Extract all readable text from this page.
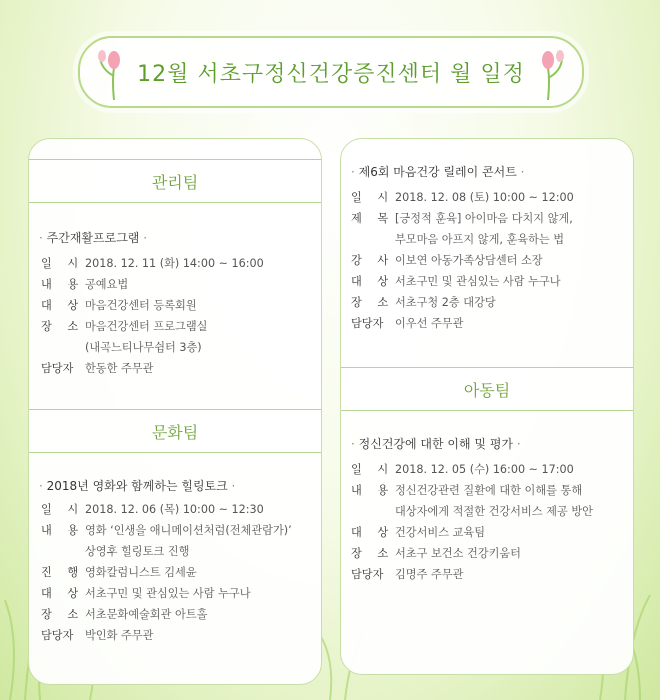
12월 서초구정신건강증진센터 월 일정
관리팀
· 주간재활프로그램 ·
일 시 2018. 12. 11 (화) 14:00 ~ 16:00
내 용 공예요법
대 상 마음건강센터 등록회원
장 소 마음건강센터 프로그램실
(내곡느티나무쉼터 3층)
담당자	한동한 주무관
문화팀
· 2018년 영화와 함께하는 힐링토크 ·
일 시 2018. 12. 06 (목) 10:00 ~ 12:30
내 용 영화 ‘인생을 애니메이션처럼(전체관람가)’
상영후 힐링토크 진행
진 행 영화칼럼니스트 김세윤
대 상 서초구민 및 관심있는 사람 누구나
장 소 서초문화예술회관 아트홀
담당자	박인화 주무관
· 제6회 마음건강 릴레이 콘서트 ·
일 시 2018. 12. 08 (토) 10:00 ~ 12:00
제 목 [긍정적 훈육] 아이마음 다치지 않게,
부모마음 아프지 않게, 훈육하는 법
강 사 이보연 아동가족상담센터 소장
대 상 서초구민 및 관심있는 사람 누구나
장 소 서초구청 2층 대강당
담당자	이우선 주무관
아동팀
· 정신건강에 대한 이해 및 평가 ·
일 시 2018. 12. 05 (수) 16:00 ~ 17:00
내 용 정신건강관련 질환에 대한 이해를 통해
대상자에게 적절한 건강서비스 제공 방안
대 상 건강서비스 교육팀
장 소 서초구 보건소 건강키움터
담당자	김명주 주무관
